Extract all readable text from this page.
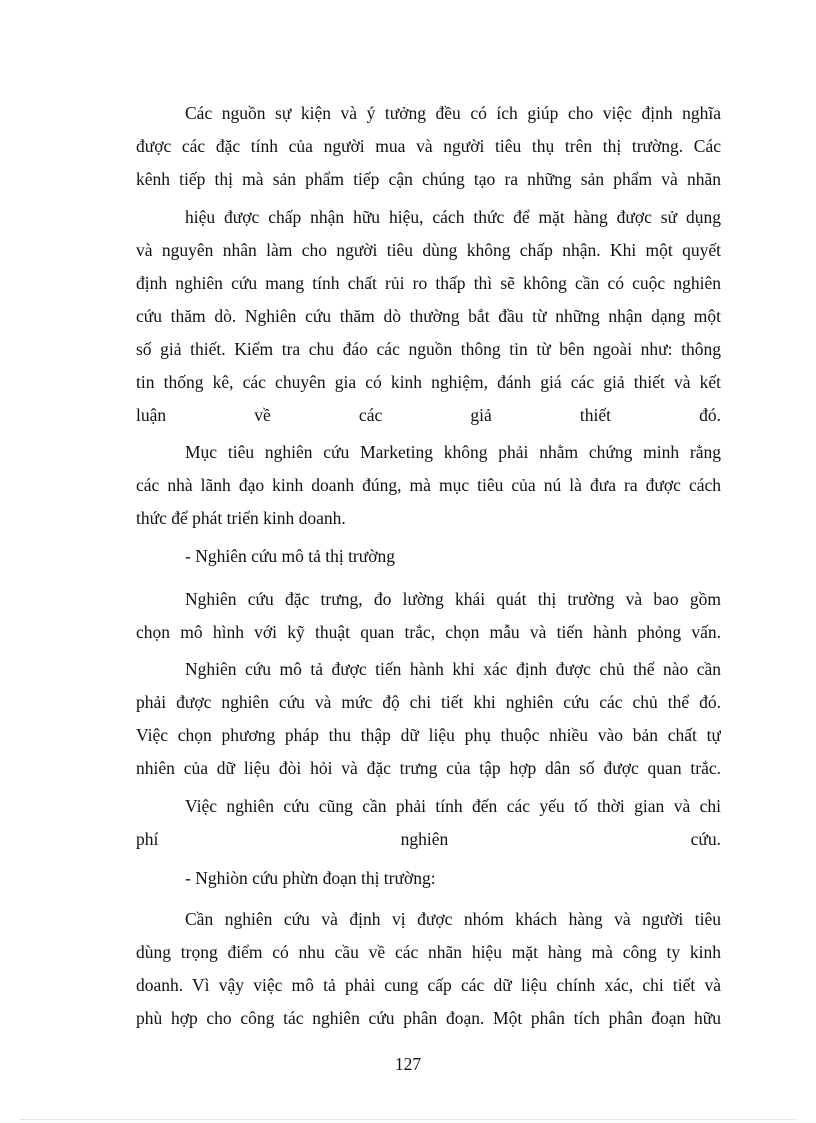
Các nguồn sự kiện và ý tưởng đều có ích giúp cho việc định nghĩa
được các đặc tính của người mua và người tiêu thụ trên thị trường. Các
kênh tiếp thị mà sản phẩm tiếp cận chúng tạo ra những sản phẩm và nhãn
hiệu được chấp nhận hữu hiệu, cách thức để mặt hàng được sử dụng
và nguyên nhân làm cho người tiêu dùng không chấp nhận. Khi một quyết
định nghiên cứu mang tính chất rủi ro thấp thì sẽ không cần có cuộc nghiên
cứu thăm dò. Nghiên cứu thăm dò thường bắt đầu từ những nhận dạng một
số giả thiết. Kiểm tra chu đáo các nguồn thông tin từ bên ngoài như: thông
tin thống kê, các chuyên gia có kinh nghiệm, đánh giá các giả thiết và kết
luận về các giả thiết đó.
Mục tiêu nghiên cứu Marketing không phải nhằm chứng minh rằng
các nhà lãnh đạo kinh doanh đúng, mà mục tiêu của nú là đưa ra được cách
thức để phát triển kinh doanh.
- Nghiên cứu mô tả thị trường
Nghiên cứu đặc trưng, đo lường khái quát thị trường và bao gồm
chọn mô hình với kỹ thuật quan trắc, chọn mẫu và tiến hành phỏng vấn.
Nghiên cứu mô tả được tiến hành khi xác định được chủ thể nào cần
phải được nghiên cứu và mức độ chi tiết khi nghiên cứu các chủ thể đó.
Việc chọn phương pháp thu thập dữ liệu phụ thuộc nhiều vào bản chất tự
nhiên của dữ liệu đòi hỏi và đặc trưng của tập hợp dân số được quan trắc.
Việc nghiên cứu cũng cần phải tính đến các yếu tố thời gian và chi
phí nghiên cứu.
- Nghiòn cứu phừn đoạn thị trường:
Cần nghiên cứu và định vị được nhóm khách hàng và người tiêu
dùng trọng điểm có nhu cầu về các nhãn hiệu mặt hàng mà công ty kinh
doanh. Vì vậy việc mô tả phải cung cấp các dữ liệu chính xác, chi tiết và
phù hợp cho công tác nghiên cứu phân đoạn. Một phân tích phân đoạn hữu
127
